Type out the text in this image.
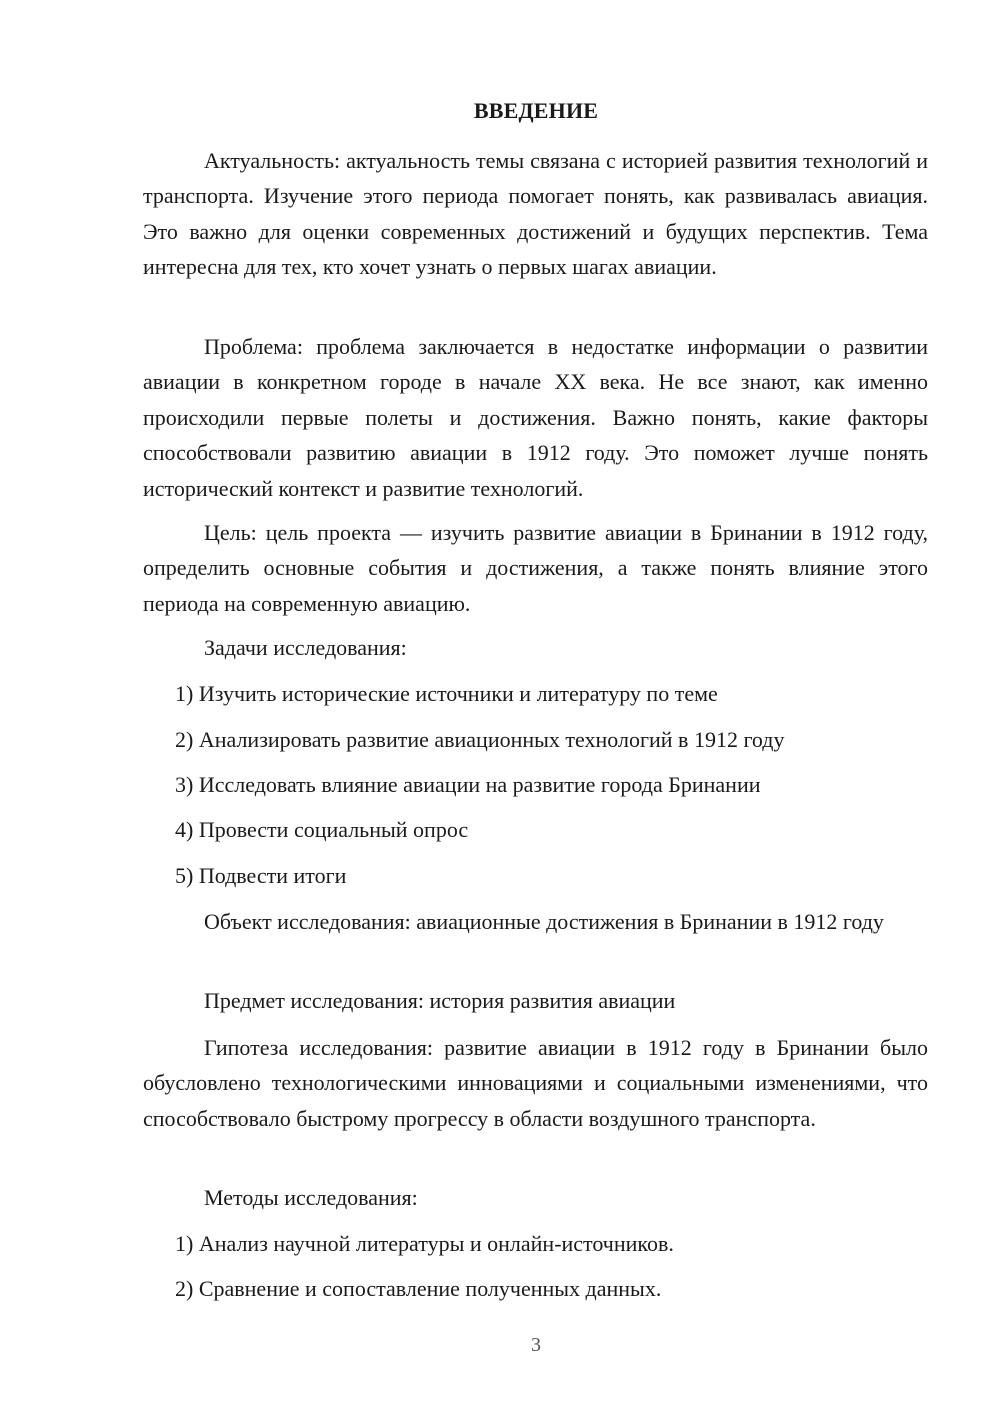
ВВЕДЕНИЕ

Актуальность: актуальность темы связана с историей развития технологий и транспорта. Изучение этого периода помогает понять, как развивалась авиация. Это важно для оценки современных достижений и будущих перспектив. Тема интересна для тех, кто хочет узнать о первых шагах авиации.

Проблема: проблема заключается в недостатке информации о развитии авиации в конкретном городе в начале XX века. Не все знают, как именно происходили первые полеты и достижения. Важно понять, какие факторы способствовали развитию авиации в 1912 году. Это поможет лучше понять исторический контекст и развитие технологий.

Цель: цель проекта — изучить развитие авиации в Бринании в 1912 году, определить основные события и достижения, а также понять влияние этого периода на современную авиацию.

Задачи исследования:

1) Изучить исторические источники и литературу по теме

2) Анализировать развитие авиационных технологий в 1912 году

3) Исследовать влияние авиации на развитие города Бринании

4) Провести социальный опрос

5) Подвести итоги

Объект исследования: авиационные достижения в Бринании в 1912 году

Предмет исследования: история развития авиации

Гипотеза исследования: развитие авиации в 1912 году в Бринании было обусловлено технологическими инновациями и социальными изменениями, что способствовало быстрому прогрессу в области воздушного транспорта.

Методы исследования:

1) Анализ научной литературы и онлайн-источников.

2) Сравнение и сопоставление полученных данных.

3
